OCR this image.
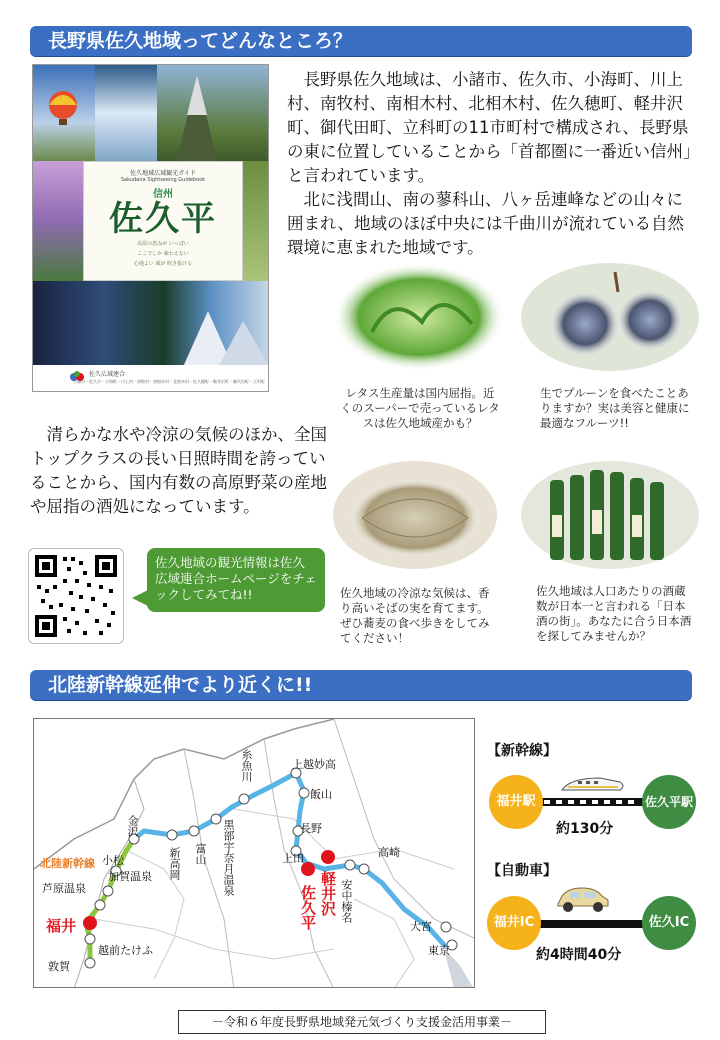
長野県佐久地域ってどんなところ？
佐久地域広域観光ガイド
Sakudaira Sightseeing Guidebook
信州
佐久平
高原の恵みが いっぱい
ここでしか 味わえない
心地よい 風が 吹き抜ける
佐久広域連合
小諸市・佐久市・小海町・川上村・南牧村・南相木村・北相木村・佐久穂町・軽井沢町・御代田町・立科町

長野県佐久地域は、小諸市、佐久市、小海町、川上村、南牧村、南相木村、北相木村、佐久穂町、軽井沢町、御代田町、立科町の11市町村で構成され、長野県の東に位置していることから「首都圏に一番近い信州」と言われています。

北に浅間山、南の蓼科山、八ヶ岳連峰などの山々に囲まれ、地域のほぼ中央には千曲川が流れている自然環境に恵まれた地域です。

レタス生産量は国内屈指。近くのスーパーで売っているレタスは佐久地域産かも？
生でプルーンを食べたことありますか？実は美容と健康に最適なフルーツ!!
佐久地域の冷涼な気候は、香り高いそばの実を育てます。ぜひ蕎麦の食べ歩きをしてみてください！
佐久地域は人口あたりの酒蔵数が日本一と言われる「日本酒の街」。あなたに合う日本酒を探してみませんか？

清らかな水や冷涼の気候のほか、全国トップクラスの長い日照時間を誇っていることから、国内有数の高原野菜の産地や屈指の酒処になっています。

佐久地域の観光情報は佐久広域連合ホームページをチェックしてみてね!!
北陸新幹線延伸でより近くに!!
北陸新幹線
糸魚川	上越妙高
飯山
長野
上田
金沢
新高岡 富山 黒部宇奈月温泉
小松
加賀温泉
芦原温泉
福井
越前たけふ
敦賀
軽井沢
佐久平 安中榛名
高崎
大宮
東京
【新幹線】
福井駅	佐久平駅
約130分
【自動車】
福井IC	佐久IC
約4時間40分
－令和６年度長野県地域発元気づくり支援金活用事業－
